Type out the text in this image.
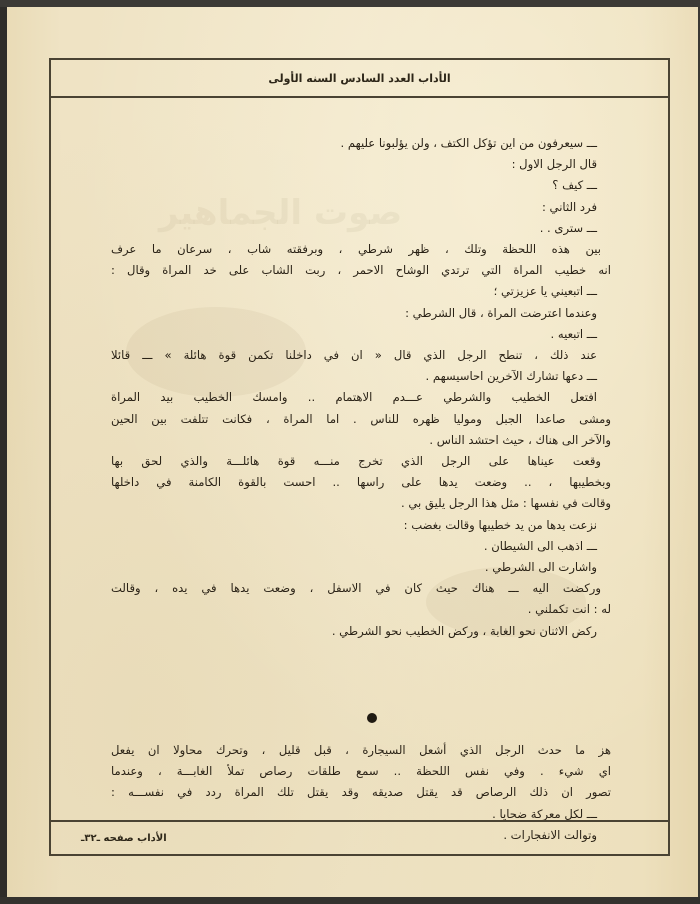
الأداب العدد السادس السنه الأولى
صوت الجماهير
ـــ سيعرفون من اين تؤكل الكتف ، ولن يؤلبونا عليهم .
قال الرجل الاول :
ـــ كيف ؟
فرد الثاني :
ـــ سترى . .
بين هذه اللحظة وتلك ، ظهر شرطي ، وبرفقته شاب ، سرعان ما عرف
انه خطيب المراة التي ترتدي الوشاح الاحمر ، ربت الشاب على خد المراة وقال :
ـــ اتبعيني يا عزيزتي ؛
وعندما اعترضت المراة ، قال الشرطي :
ـــ اتبعيه .
عند ذلك ، تنطح الرجل الذي قال « ان في داخلنا تكمن قوة هائلة » ـــ قائلا
ـــ دعها تشارك الآخرين احاسيسهم .
افتعل الخطيب والشرطي عـــدم الاهتمام .. وامسك الخطيب بيد المراة
ومشى صاعدا الجبل وموليا ظهره للناس . اما المراة ، فكانت تتلفت بين الحين
والآخر الى هناك ، حيث احتشد الناس .
وقعت عيناها على الرجل الذي تخرج منـــه قوة هائلـــة والذي لحق بها
وبخطيبها ، .. وضعت يدها على راسها .. احست بالقوة الكامنة في داخلها
وقالت في نفسها : مثل هذا الرجل يليق بي .
نزعت يدها من يد خطيبها وقالت بغضب :
ـــ اذهب الى الشيطان .
واشارت الى الشرطي .
وركضت اليه ـــ هناك حيث كان في الاسفل ، وضعت يدها في يده ، وقالت
له : انت تكملني .
ركض الاثنان نحو الغابة ، وركض الخطيب نحو الشرطي .
هز ما حدث الرجل الذي أشعل السيجارة ، قبل قليل ، وتحرك محاولا ان يفعل
اي شيء . وفي نفس اللحظة .. سمع طلقات رصاص تملأ الغابـــة ، وعندما
تصور ان ذلك الرصاص قد يقتل صديقه وقد يقتل تلك المراة ردد في نفســـه :
ـــ لكل معركة ضحايا .
وتوالت الانفجارات .
الأداب صفحه ـ٣٢ـ
